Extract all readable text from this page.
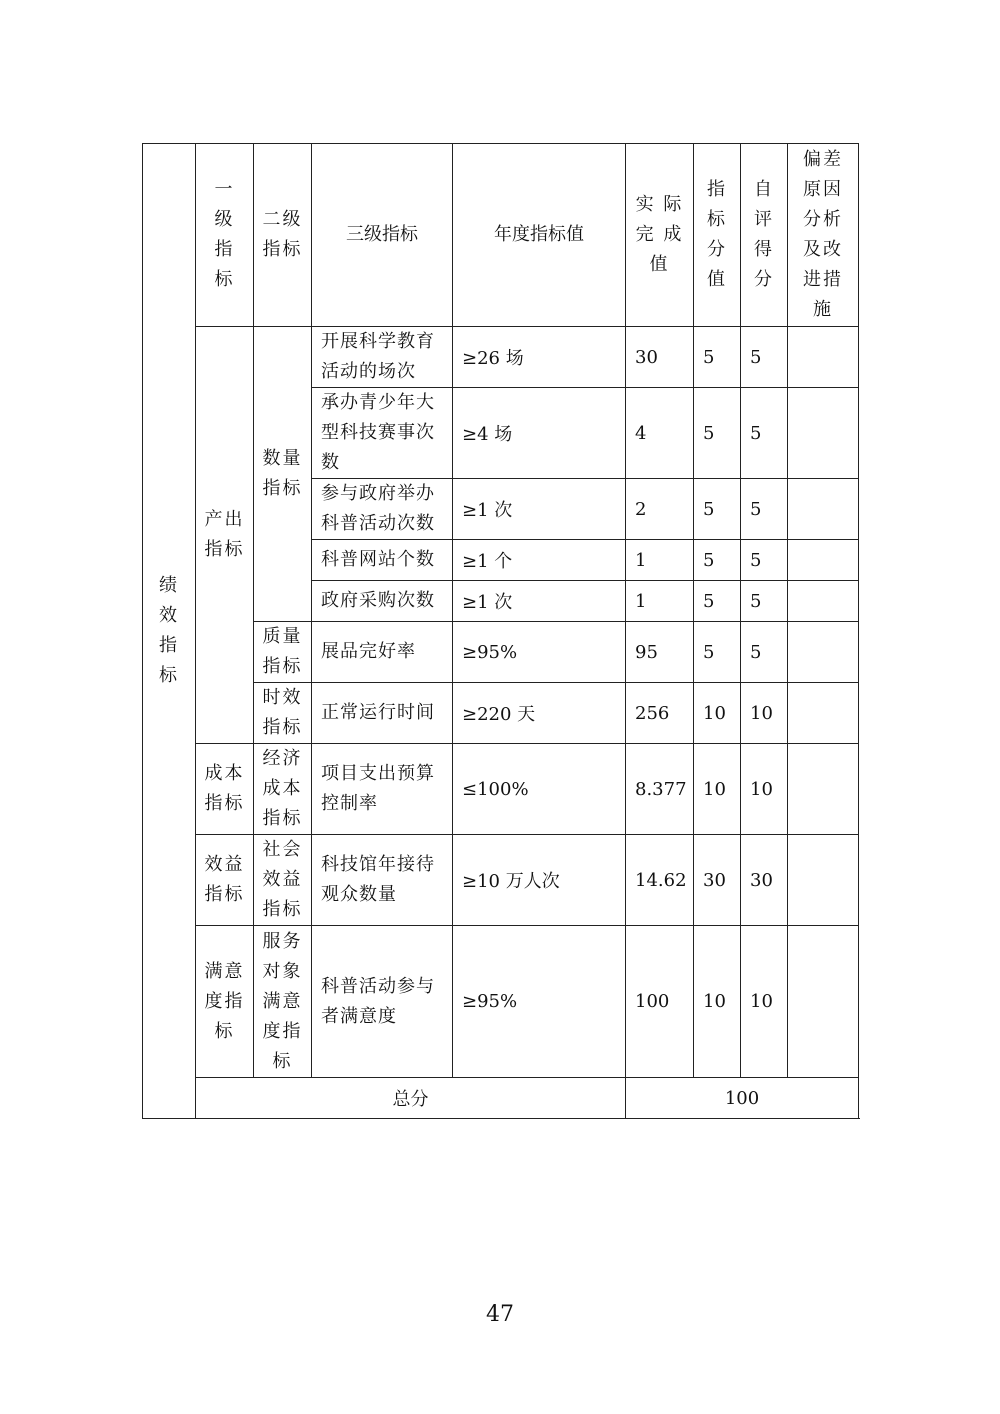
绩效指标	一级指标	二级指标	三级指标	年度指标值	实 际完 成值	指标分值	自评得分	偏差原因分析及改进措施
	产出指标	数量指标	开展科学教育活动的场次	≥26 场	30	5	5	
			承办青少年大型科技赛事次数	≥4 场	4	5	5	
			参与政府举办科普活动次数	≥1 次	2	5	5	
			科普网站个数	≥1 个	1	5	5	
			政府采购次数	≥1 次	1	5	5	
		质量指标	展品完好率	≥95%	95	5	5	
		时效指标	正常运行时间	≥220 天	256	10	10	
	成本指标	经济成本指标	项目支出预算控制率	≤100%	8.377	10	10	
	效益指标	社会效益指标	科技馆年接待观众数量	≥10 万人次	14.62	30	30	
	满意度指标	服务对象满意度指标	科普活动参与者满意度	≥95%	100	10	10	
	总分				100			
47
